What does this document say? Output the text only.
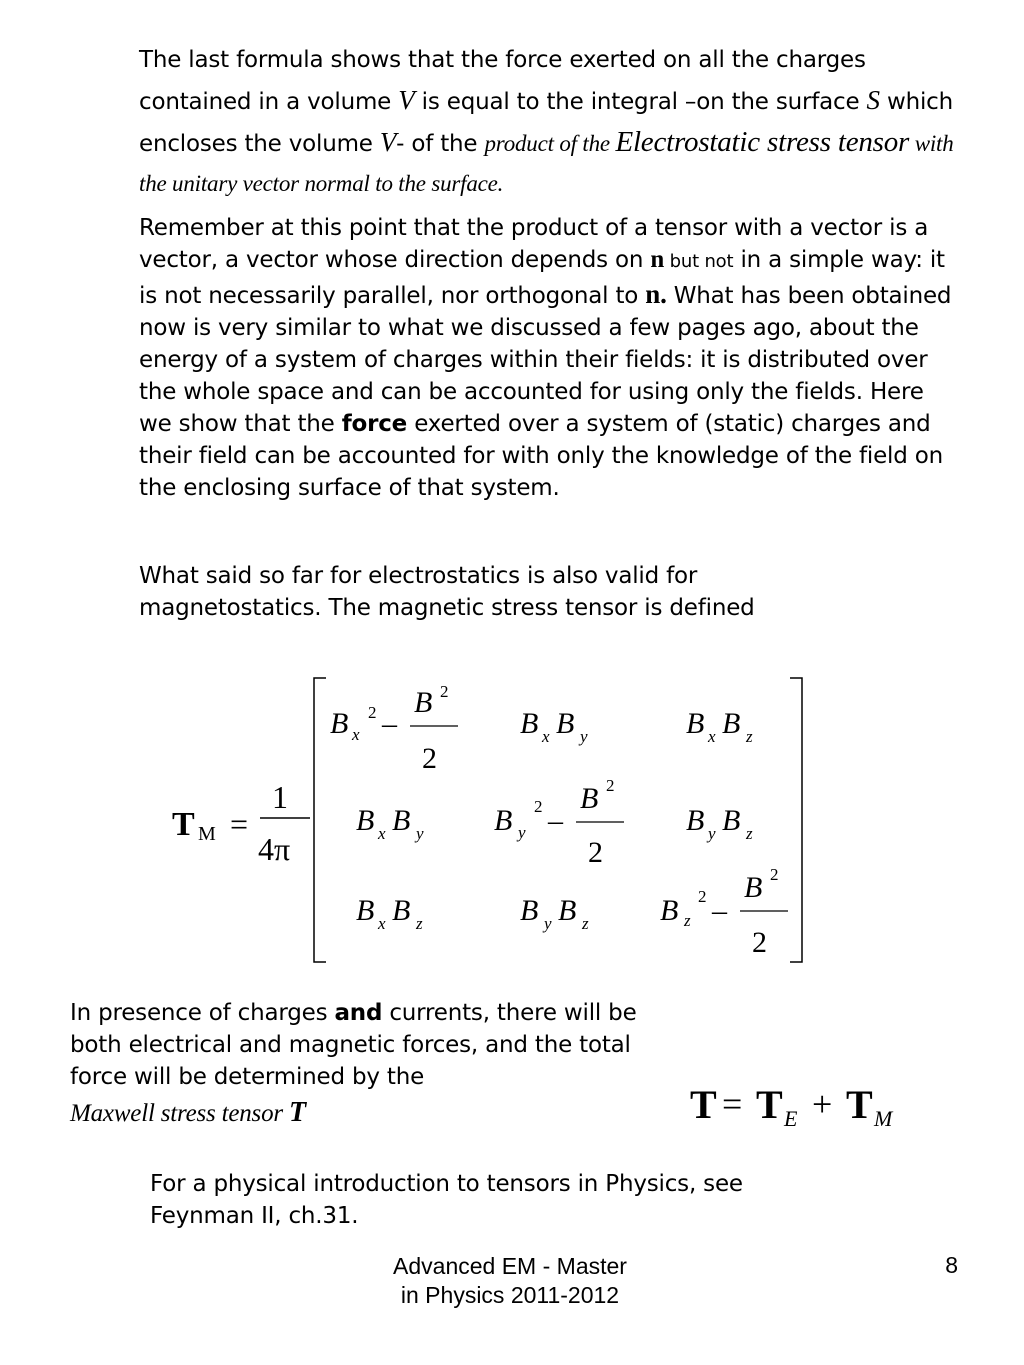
The last formula shows that the force exerted on all the charges contained in a volume V is equal to the integral –on the surface S which encloses the volume V- of the product of the Electrostatic stress tensor with the unitary vector normal to the surface.
Remember at this point that the product of a tensor with a vector is a vector, a vector whose direction depends on n but not in a simple way: it is not necessarily parallel, nor orthogonal to n. What has been obtained now is very similar to what we discussed a few pages ago, about the energy of a system of charges within their fields: it is distributed over the whole space and can be accounted for using only the fields. Here we show that the force exerted over a system of (static) charges and their field can be accounted for with only the knowledge of the field on the enclosing surface of that system.
What said so far for electrostatics is also valid for magnetostatics. The magnetic stress tensor is defined
T M =
1
4π
B x
2 –
B 2
2
B x B y	B x B z
B x B y B y
2 –
B 2
2
B y B z
B x B z	B y B z B z
2 –
B 2
2
T = T E + T M
In presence of charges and currents, there will be both electrical and magnetic forces, and the total force will be determined by the
Maxwell stress tensor T
For a physical introduction to tensors in Physics, see Feynman II, ch.31.
Advanced EM - Master
in Physics 2011-2012
8
